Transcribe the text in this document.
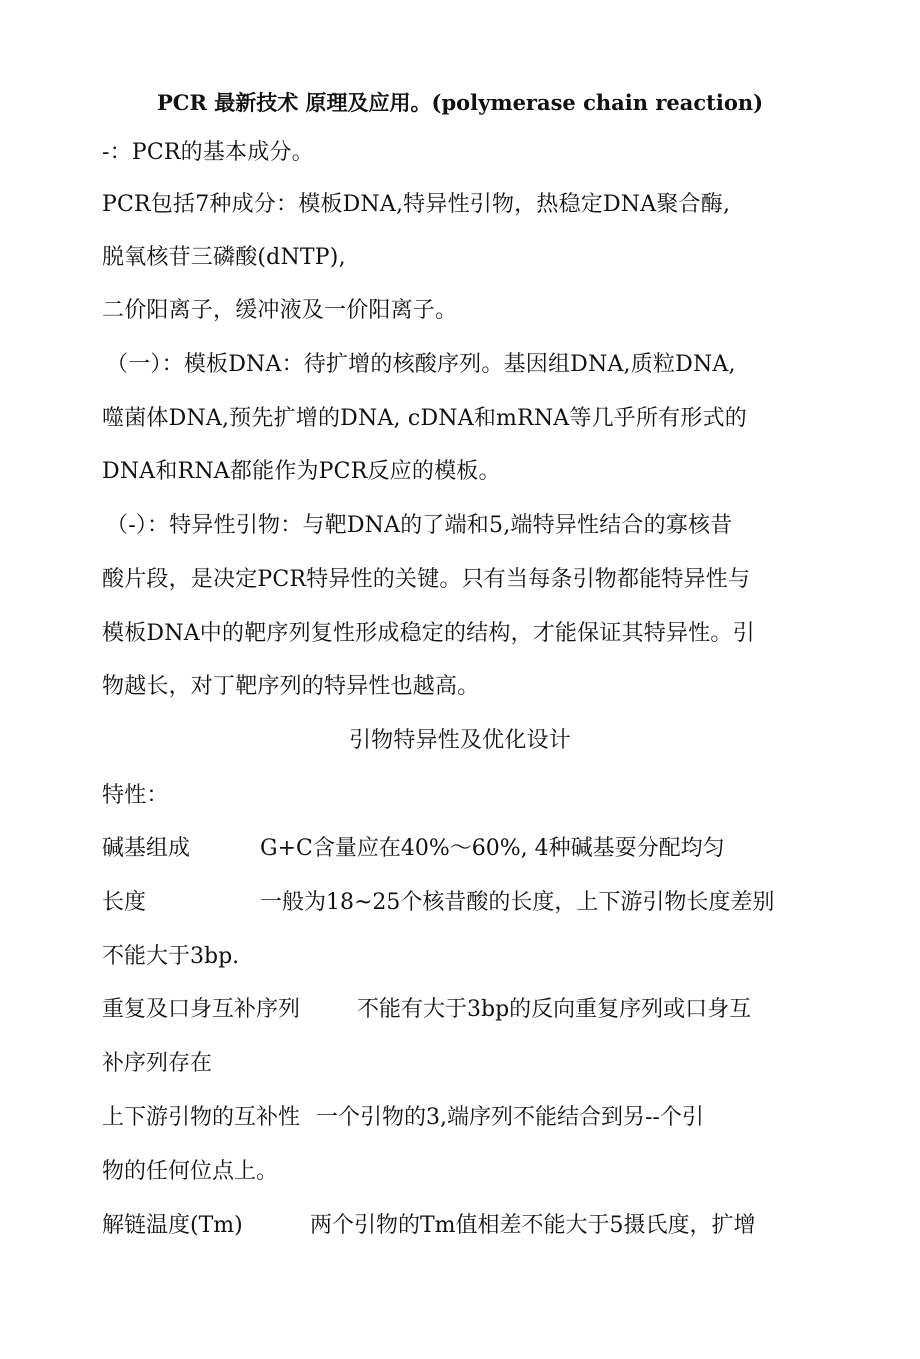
PCR 最新技术 原理及应用。(polymerase chain reaction)
-：PCR的基本成分。
PCR包括7种成分：模板DNA,特异性引物，热稳定DNA聚合酶,
脱氧核苷三磷酸(dNTP),
二价阳离子，缓冲液及一价阳离子。
（一）：模板DNA：待扩增的核酸序列。基因组DNA,质粒DNA,
噬菌体DNA,预先扩增的DNA, cDNA和mRNA等几乎所有形式的
DNA和RNA都能作为PCR反应的模板。
（-）：特异性引物：与靶DNA的了端和5,端特异性结合的寡核昔
酸片段，是决定PCR特异性的关键。只有当每条引物都能特异性与
模板DNA中的靶序列复性形成稳定的结构，才能保证其特异性。引
物越长，对丁靶序列的特异性也越高。
引物特异性及优化设计
特性：
碱基组成	G+C含量应在40%～60%, 4种碱基耍分配均匀
长度	一般为18~25个核昔酸的长度，上下游引物长度差别
不能大于3bp.
重复及口身互补序列	不能有大于3bp的反向重复序列或口身互
补序列存在
上下游引物的互补性 一个引物的3,端序列不能结合到另--个引
物的任何位点上。
解链温度(Tm)	两个引物的Tm值相差不能大于5摄氏度，扩增
